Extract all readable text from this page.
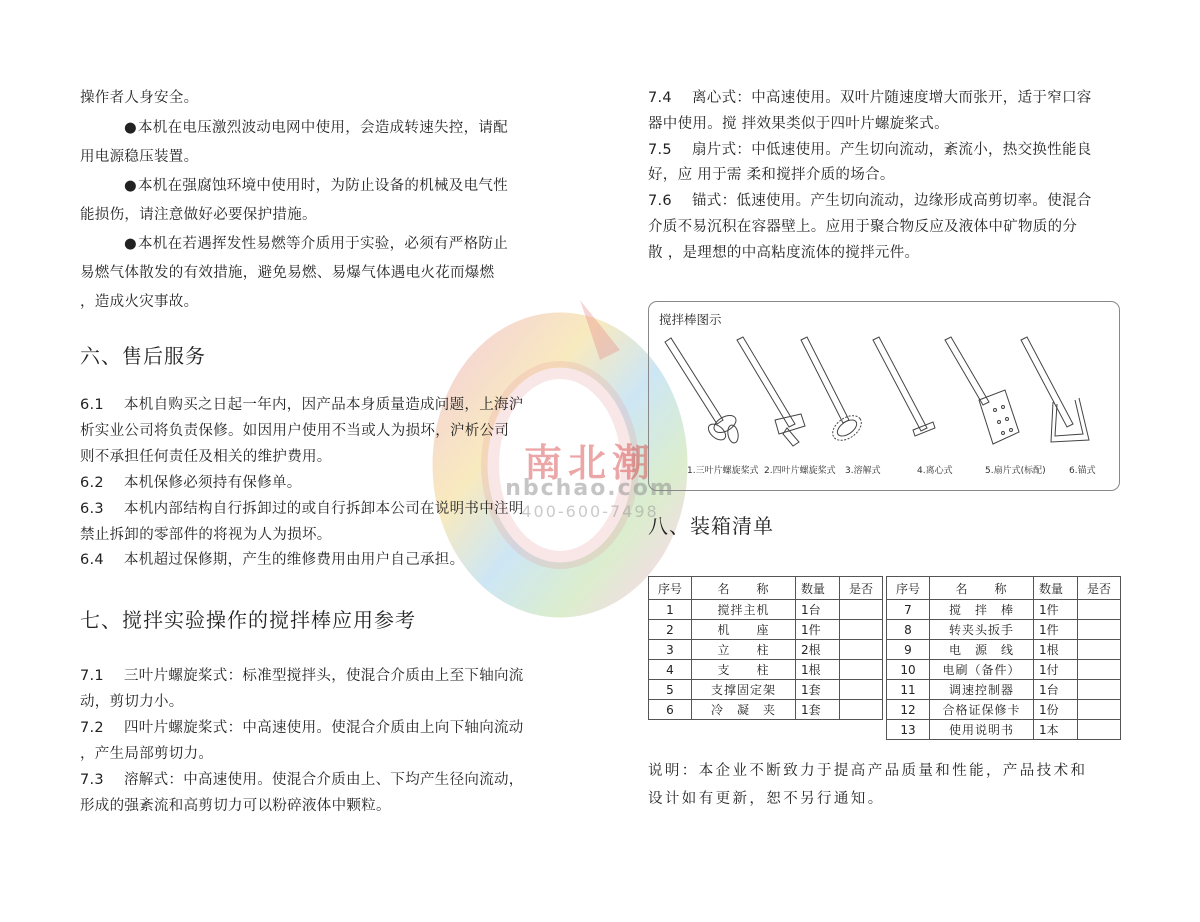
南北潮
nbchao.com
400-600-7498
操作者人身安全。
●本机在电压激烈波动电网中使用，会造成转速失控，请配
用电源稳压装置。
●本机在强腐蚀环境中使用时，为防止设备的机械及电气性
能损伤，请注意做好必要保护措施。
●本机在若遇挥发性易燃等介质用于实验，必须有严格防止
易燃气体散发的有效措施，避免易燃、易爆气体遇电火花而爆燃
，造成火灾事故。
六、售后服务
6.1 本机自购买之日起一年内，因产品本身质量造成问题，上海沪
析实业公司将负责保修。如因用户使用不当或人为损坏，沪析公司
则不承担任何责任及相关的维护费用。
6.2 本机保修必须持有保修单。
6.3 本机内部结构自行拆卸过的或自行拆卸本公司在说明书中注明
禁止拆卸的零部件的将视为人为损坏。
6.4 本机超过保修期，产生的维修费用由用户自己承担。
七、搅拌实验操作的搅拌棒应用参考
7.1 三叶片螺旋桨式：标准型搅拌头，使混合介质由上至下轴向流
动，剪切力小。
7.2 四叶片螺旋桨式：中高速使用。使混合介质由上向下轴向流动
，产生局部剪切力。
7.3 溶解式：中高速使用。使混合介质由上、下均产生径向流动，
形成的强紊流和高剪切力可以粉碎液体中颗粒。
7.4 离心式：中高速使用。双叶片随速度增大而张开，适于窄口容
器中使用。搅 拌效果类似于四叶片螺旋桨式。
7.5 扇片式：中低速使用。产生切向流动，紊流小，热交换性能良
好，应 用于需 柔和搅拌介质的场合。
7.6 锚式：低速使用。产生切向流动，边缘形成高剪切率。使混合
介质不易沉积在容器壁上。应用于聚合物反应及液体中矿物质的分
散 ，是理想的中高粘度流体的搅拌元件。
搅拌棒图示
1.三叶片螺旋桨式 2.四叶片螺旋桨式 3.溶解式	4.离心式	5.扇片式(标配)	6.锚式
八、装箱清单
序号	名　　称	数量	是否
1	搅拌主机	1台	
2	机　　座	1件	
3	立　　柱	2根	
4	支　　柱	1根	
5	支撑固定架	1套	
6	冷　凝　夹	1套	
序号	名　　称	数量	是否
7	搅　拌　棒	1件	
8	转夹头扳手	1件	
9	电　源　线	1根	
10	电刷（备件）	1付	
11	调速控制器	1台	
12	合格证保修卡	1份	
13	使用说明书	1本	
说明：本企业不断致力于提高产品质量和性能，产品技术和
设计如有更新，恕不另行通知。
